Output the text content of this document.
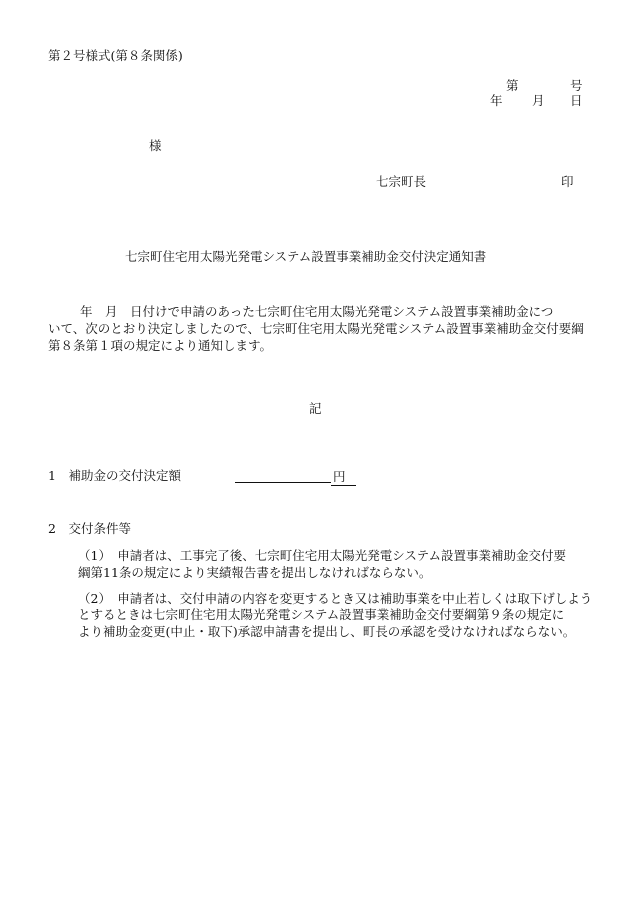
第２号様式(第８条関係)
第	号
年 月 日
様
七宗町長	印
七宗町住宅用太陽光発電システム設置事業補助金交付決定通知書
年　月　日付けで申請のあった七宗町住宅用太陽光発電システム設置事業補助金につ
いて、次のとおり決定しましたので、七宗町住宅用太陽光発電システム設置事業補助金交付要綱
第８条第１項の規定により通知します。
記
1　補助金の交付決定額	円
2　交付条件等
（1）　申請者は、工事完了後、七宗町住宅用太陽光発電システム設置事業補助金交付要
綱第11条の規定により実績報告書を提出しなければならない。
（2）　申請者は、交付申請の内容を変更するとき又は補助事業を中止若しくは取下げしよう
とするときは七宗町住宅用太陽光発電システム設置事業補助金交付要綱第９条の規定に
より補助金変更(中止・取下)承認申請書を提出し、町長の承認を受けなければならない。
